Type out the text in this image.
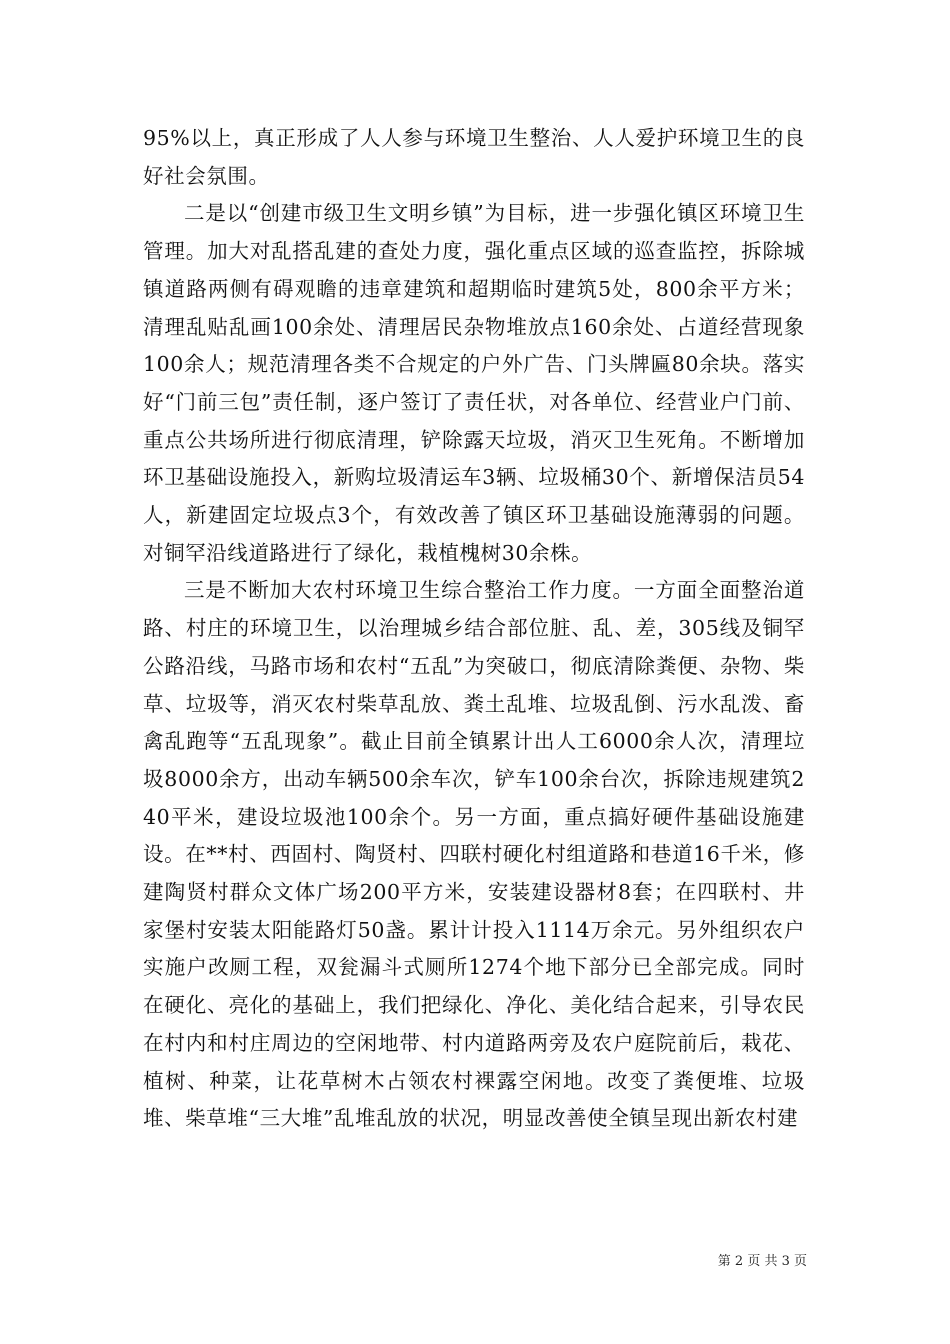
95%以上，真正形成了人人参与环境卫生整治、人人爱护环境卫生的良好社会氛围。

二是以“创建市级卫生文明乡镇”为目标，进一步强化镇区环境卫生管理。加大对乱搭乱建的查处力度，强化重点区域的巡查监控，拆除城镇道路两侧有碍观瞻的违章建筑和超期临时建筑5处，800余平方米；清理乱贴乱画100余处、清理居民杂物堆放点160余处、占道经营现象100余人；规范清理各类不合规定的户外广告、门头牌匾80余块。落实好“门前三包”责任制，逐户签订了责任状，对各单位、经营业户门前、重点公共场所进行彻底清理，铲除露天垃圾，消灭卫生死角。不断增加环卫基础设施投入，新购垃圾清运车3辆、垃圾桶30个、新增保洁员54人，新建固定垃圾点3个，有效改善了镇区环卫基础设施薄弱的问题。对铜罕沿线道路进行了绿化，栽植槐树30余株。

三是不断加大农村环境卫生综合整治工作力度。一方面全面整治道路、村庄的环境卫生，以治理城乡结合部位脏、乱、差，305线及铜罕公路沿线，马路市场和农村“五乱”为突破口，彻底清除粪便、杂物、柴草、垃圾等，消灭农村柴草乱放、粪土乱堆、垃圾乱倒、污水乱泼、畜禽乱跑等“五乱现象”。截止目前全镇累计出人工6000余人次，清理垃圾8000余方，出动车辆500余车次，铲车100余台次，拆除违规建筑240平米，建设垃圾池100余个。另一方面，重点搞好硬件基础设施建设。在**村、西固村、陶贤村、四联村硬化村组道路和巷道16千米，修建陶贤村群众文体广场200平方米，安装建设器材8套；在四联村、井家堡村安装太阳能路灯50盏。累计计投入1114万余元。另外组织农户实施户改厕工程，双瓮漏斗式厕所1274个地下部分已全部完成。同时在硬化、亮化的基础上，我们把绿化、净化、美化结合起来，引导农民在村内和村庄周边的空闲地带、村内道路两旁及农户庭院前后，栽花、植树、种菜，让花草树木占领农村裸露空闲地。改变了粪便堆、垃圾堆、柴草堆“三大堆”乱堆乱放的状况，明显改善使全镇呈现出新农村建

第 2 页 共 3 页
